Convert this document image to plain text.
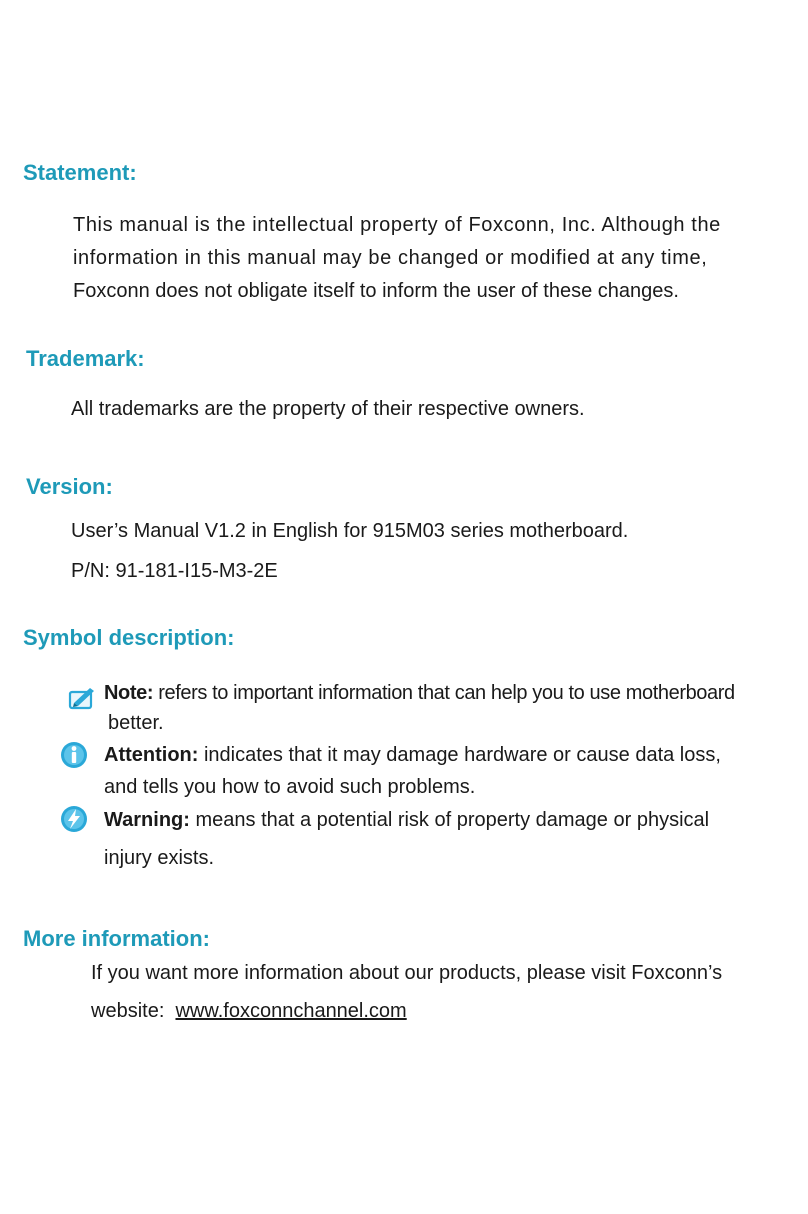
Statement:

This manual is the intellectual property of Foxconn, Inc. Although the

information in this manual may be changed or modified at any time,

Foxconn does not obligate itself to inform the user of these changes.

Trademark:

All trademarks are the property of their respective owners.

Version:

User’s Manual V1.2 in English for 915M03 series motherboard.

P/N: 91-181-I15-M3-2E

Symbol description:

Note: refers to important information that can help you to use motherboard

better.

Attention: indicates that it may damage hardware or cause data loss,

and tells you how to avoid such problems.

Warning: means that a potential risk of property damage or physical

injury exists.

More information:

If you want more information about our products, please visit Foxconn’s

website:  www.foxconnchannel.com
